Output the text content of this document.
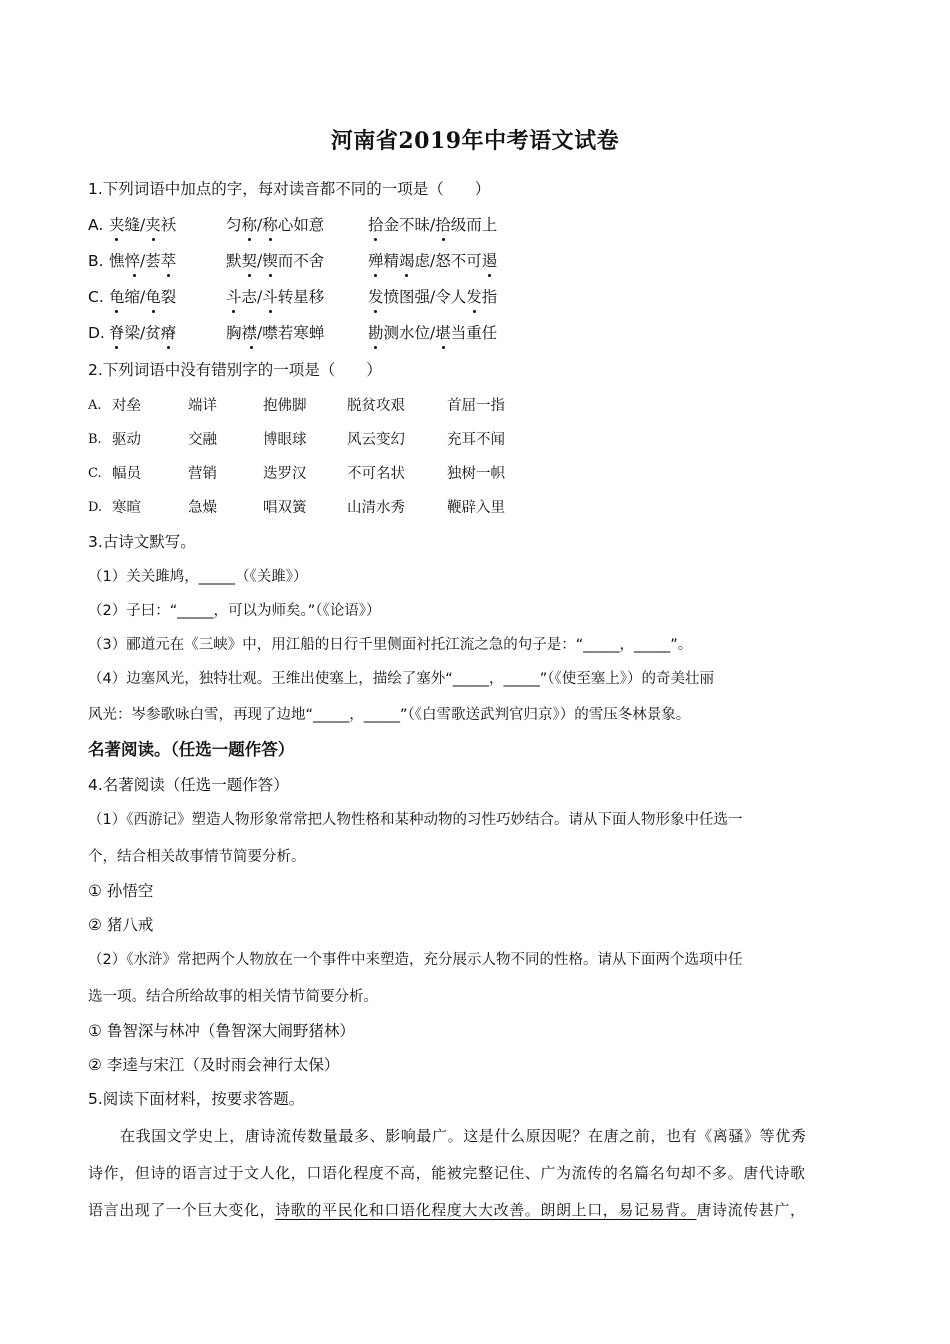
河南省2019年中考语文试卷
1.下列词语中加点的字，每对读音都不同的一项是（　　）
A. 夹缝/夹袄	匀称/称心如意	拾金不昧/拾级而上
B. 憔悴/荟萃	默契/锲而不舍	殚精竭虑/怒不可遏
C. 龟缩/龟裂	斗志/斗转星移	发愤图强/令人发指
D. 脊梁/贫瘠	胸襟/噤若寒蝉	勘测水位/堪当重任
2.下列词语中没有错别字的一项是（　　）
A. 对垒	端详	抱佛脚	脱贫攻艰	首屈一指
B. 驱动	交融	博眼球	风云变幻	充耳不闻
C. 幅员	营销	迭罗汉	不可名状	独树一帜
D. 寒暄	急燥	唱双簧	山清水秀	鞭辟入里
3.古诗文默写。
（1）关关雎鸠，_____（《关雎》）
（2）子曰：“_____，可以为师矣。”（《论语》）
（3）郦道元在《三峡》中，用江船的日行千里侧面衬托江流之急的句子是：“_____，_____”。
（4）边塞风光，独特壮观。王维出使塞上，描绘了塞外“_____，_____”（《使至塞上》）的奇美壮丽
风光：岑参歌咏白雪，再现了边地“_____，_____”（《白雪歌送武判官归京》）的雪压冬林景象。
名著阅读。（任选一题作答）
4.名著阅读（任选一题作答）
（1）《西游记》塑造人物形象常常把人物性格和某种动物的习性巧妙结合。请从下面人物形象中任选一
个，结合相关故事情节简要分析。
① 孙悟空
② 猪八戒
（2）《水浒》常把两个人物放在一个事件中来塑造，充分展示人物不同的性格。请从下面两个选项中任
选一项。结合所给故事的相关情节简要分析。
① 鲁智深与林冲（鲁智深大闹野猪林）
② 李逵与宋江（及时雨会神行太保）
5.阅读下面材料，按要求答题。
在我国文学史上，唐诗流传数量最多、影响最广。这是什么原因呢？在唐之前，也有《离骚》等优秀
诗作，但诗的语言过于文人化，口语化程度不高，能被完整记住、广为流传的名篇名句却不多。唐代诗歌
语言出现了一个巨大变化，诗歌的平民化和口语化程度大大改善。朗朗上口，易记易背。唐诗流传甚广，
